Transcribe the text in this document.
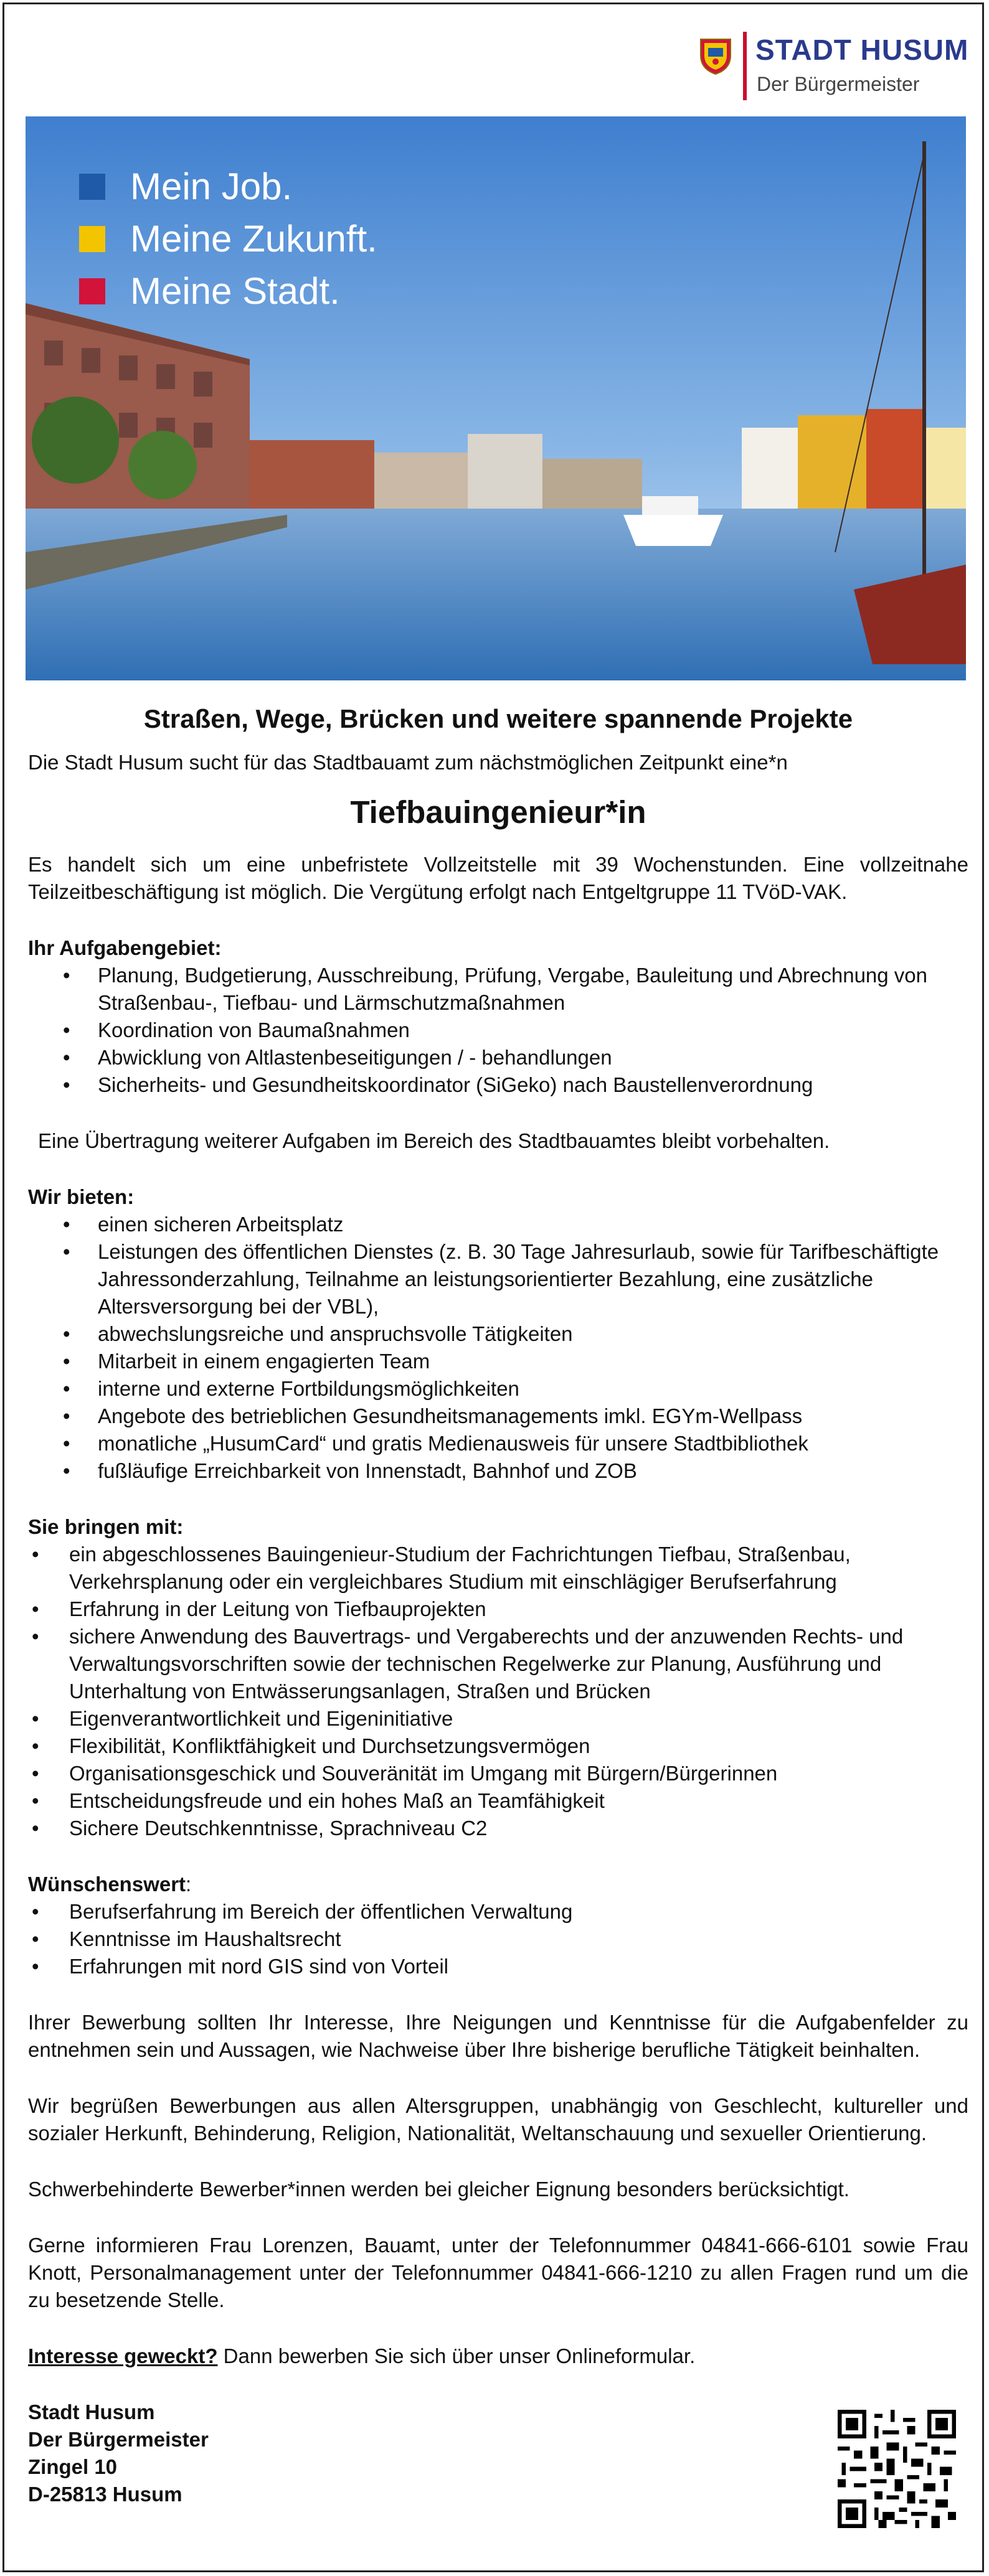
STADT HUSUM
Der Bürgermeister
Mein Job.
Meine Zukunft.
Meine Stadt.
Straßen, Wege, Brücken und weitere spannende Projekte

Die Stadt Husum sucht für das Stadtbauamt zum nächstmöglichen Zeitpunkt eine*n

Tiefbauingenieur*in

Es handelt sich um eine unbefristete Vollzeitstelle mit 39 Wochenstunden. Eine vollzeitnahe Teilzeitbeschäftigung ist möglich. Die Vergütung erfolgt nach Entgeltgruppe 11 TVöD-VAK.

Ihr Aufgabengebiet:
• Planung, Budgetierung, Ausschreibung, Prüfung, Vergabe, Bauleitung und Abrechnung von Straßenbau-, Tiefbau- und Lärmschutzmaßnahmen
• Koordination von Baumaßnahmen
• Abwicklung von Altlastenbeseitigungen / - behandlungen
• Sicherheits- und Gesundheitskoordinator (SiGeko) nach Baustellenverordnung

Eine Übertragung weiterer Aufgaben im Bereich des Stadtbauamtes bleibt vorbehalten.

Wir bieten:
• einen sicheren Arbeitsplatz
• Leistungen des öffentlichen Dienstes (z. B. 30 Tage Jahresurlaub, sowie für Tarifbeschäftigte Jahressonderzahlung, Teilnahme an leistungsorientierter Bezahlung, eine zusätzliche Altersversorgung bei der VBL),
• abwechslungsreiche und anspruchsvolle Tätigkeiten
• Mitarbeit in einem engagierten Team
• interne und externe Fortbildungsmöglichkeiten
• Angebote des betrieblichen Gesundheitsmanagements imkl. EGYm-Wellpass
• monatliche „HusumCard“ und gratis Medienausweis für unsere Stadtbibliothek
• fußläufige Erreichbarkeit von Innenstadt, Bahnhof und ZOB
Sie bringen mit:
• ein abgeschlossenes Bauingenieur-Studium der Fachrichtungen Tiefbau, Straßenbau, Verkehrsplanung oder ein vergleichbares Studium mit einschlägiger Berufserfahrung
• Erfahrung in der Leitung von Tiefbauprojekten
• sichere Anwendung des Bauvertrags- und Vergaberechts und der anzuwenden Rechts- und Verwaltungsvorschriften sowie der technischen Regelwerke zur Planung, Ausführung und Unterhaltung von Entwässerungsanlagen, Straßen und Brücken
• Eigenverantwortlichkeit und Eigeninitiative
• Flexibilität, Konfliktfähigkeit und Durchsetzungsvermögen
• Organisationsgeschick und Souveränität im Umgang mit Bürgern/Bürgerinnen
• Entscheidungsfreude und ein hohes Maß an Teamfähigkeit
• Sichere Deutschkenntnisse, Sprachniveau C2
Wünschenswert:
• Berufserfahrung im Bereich der öffentlichen Verwaltung
• Kenntnisse im Haushaltsrecht
• Erfahrungen mit nord GIS sind von Vorteil

Ihrer Bewerbung sollten Ihr Interesse, Ihre Neigungen und Kenntnisse für die Aufgabenfelder zu entnehmen sein und Aussagen, wie Nachweise über Ihre bisherige berufliche Tätigkeit beinhalten.

Wir begrüßen Bewerbungen aus allen Altersgruppen, unabhängig von Geschlecht, kultureller und sozialer Herkunft, Behinderung, Religion, Nationalität, Weltanschauung und sexueller Orientierung.

Schwerbehinderte Bewerber*innen werden bei gleicher Eignung besonders berücksichtigt.

Gerne informieren Frau Lorenzen, Bauamt, unter der Telefonnummer 04841-666-6101 sowie Frau Knott, Personalmanagement unter der Telefonnummer 04841-666-1210 zu allen Fragen rund um die zu besetzende Stelle.

Interesse geweckt? Dann bewerben Sie sich über unser Onlineformular.

Stadt Husum
Der Bürgermeister
Zingel 10
D-25813 Husum
